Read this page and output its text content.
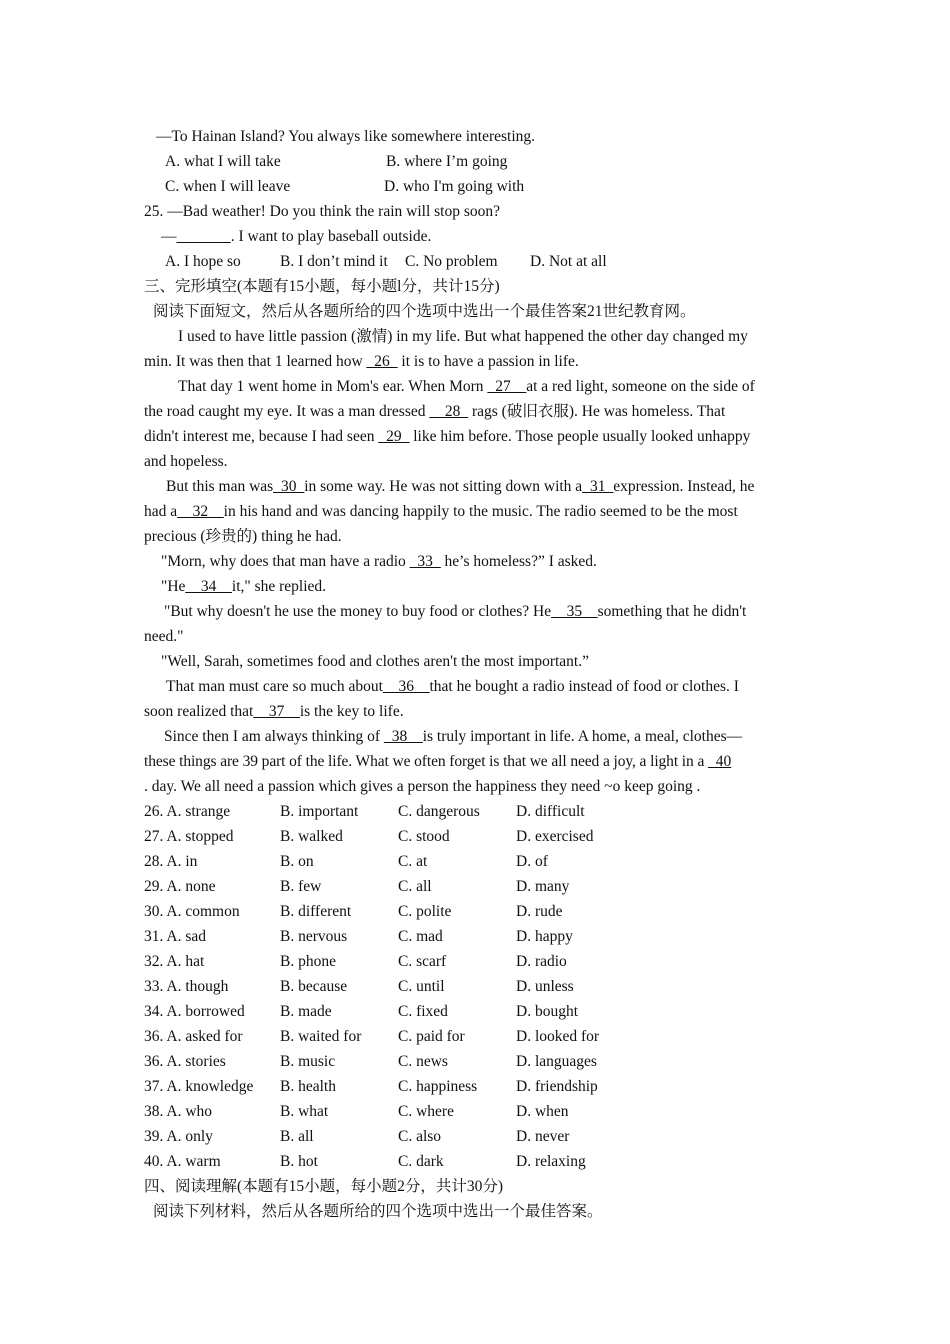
—To Hainan Island? You always like somewhere interesting.
A. what I will take	B. where I’m going
C. when I will leave	D. who I'm going with
25. —Bad weather! Do you think the rain will stop soon?
—	. I want to play baseball outside.
A. I hope so	B. I don’t mind it C. No problem D. Not at all
三、完形填空(本题有15小题，每小题l分，共计15分)
阅读下面短文，然后从各题所给的四个选项中选出一个最佳答案21世纪教育网。
I used to have little passion (激情) in my life. But what happened the other day changed my
min. It was then that 1 learned how _26_ it is to have a passion in life.
That day 1 went home in Mom's ear. When Morn _27__at a red light, someone on the side of
the road caught my eye. It was a man dressed __28_ rags (破旧衣服). He was homeless. That
didn't interest me, because I had seen _29_ like him before. Those people usually looked unhappy
and hopeless.
But this man was_30_in some way. He was not sitting down with a_31_expression. Instead, he
had a__32__in his hand and was dancing happily to the music. The radio seemed to be the most
precious (珍贵的) thing he had.
"Morn, why does that man have a radio _33_ he’s homeless?” I asked.
"He__34__it," she replied.
"But why doesn't he use the money to buy food or clothes? He__35__something that he didn't
need."
"Well, Sarah, sometimes food and clothes aren't the most important.”
That man must care so much about__36__that he bought a radio instead of food or clothes. I
soon realized that__37__is the key to life.
Since then I am always thinking of _38__is truly important in life. A home, a meal, clothes—
these things are 39 part of the life. What we often forget is that we all need a joy, a light in a _40
. day. We all need a passion which gives a person the happiness they need ~o keep going .
26. A. strange	B. important	C. dangerous D. difficult
27. A. stopped	B. walked	C. stood	D. exercised
28. A. in	B. on	C. at	D. of
29. A. none	B. few	C. all	D. many
30. A. common	B. different	C. polite	D. rude
31. A. sad	B. nervous	C. mad	D. happy
32. A. hat	B. phone	C. scarf	D. radio
33. A. though	B. because	C. until	D. unless
34. A. borrowed B. made	C. fixed	D. bought
36. A. asked for B. waited for C. paid for	D. looked for
36. A. stories	B. music	C. news	D. languages
37. A. knowledge B. health	C. happiness	D. friendship
38. A. who	B. what	C. where	D. when
39. A. only	B. all	C. also	D. never
40. A. warm	B. hot	C. dark	D. relaxing
四、阅读理解(本题有15小题，每小题2分，共计30分)
阅读下列材料，然后从各题所给的四个选项中选出一个最佳答案。
